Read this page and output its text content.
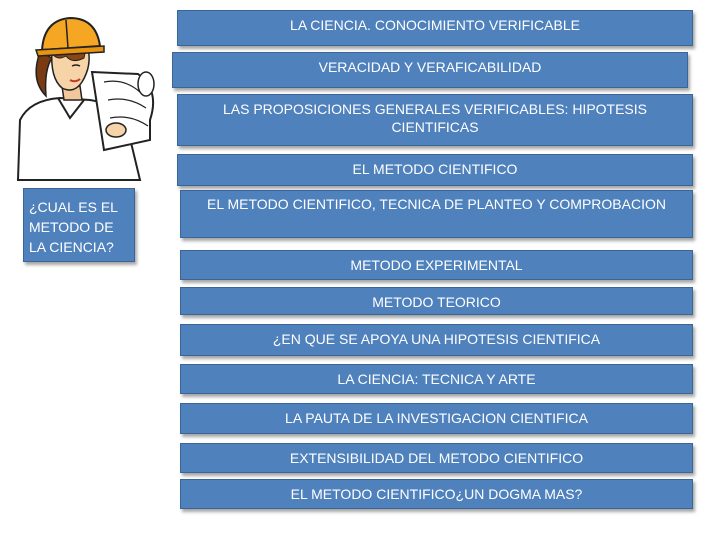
¿CUAL ES EL METODO DE LA CIENCIA?
LA CIENCIA. CONOCIMIENTO VERIFICABLE
VERACIDAD Y VERAFICABILIDAD
LAS PROPOSICIONES GENERALES VERIFICABLES: HIPOTESIS CIENTIFICAS
EL METODO CIENTIFICO
EL METODO CIENTIFICO, TECNICA DE PLANTEO Y COMPROBACION
METODO EXPERIMENTAL
METODO TEORICO
¿EN QUE SE APOYA UNA HIPOTESIS CIENTIFICA
LA CIENCIA: TECNICA Y ARTE
LA PAUTA DE LA INVESTIGACION CIENTIFICA
EXTENSIBILIDAD DEL METODO CIENTIFICO
EL METODO CIENTIFICO¿UN DOGMA MAS?
